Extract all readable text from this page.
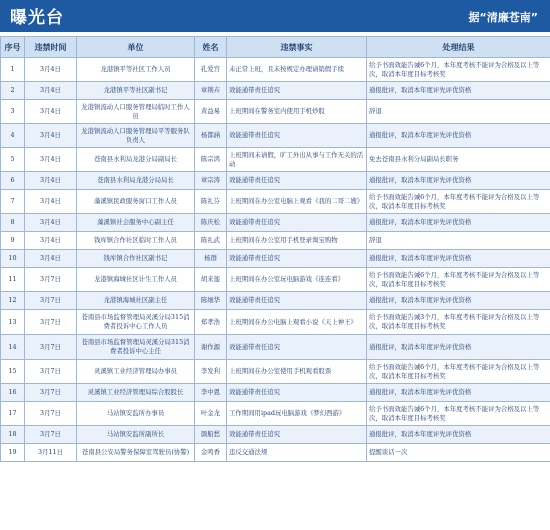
曝光台	据“清廉苍南”
序号	违禁时间	单位	姓名	违禁事实	处理结果
1	3月4日	龙港镇平等社区工作人员	孔爱宫	未正常上班，且未按规定办理请销假手续	给予书面效能告诫6个月，本年度考核不能评为合格及以上等次，取消本年度目标考核奖
2	3月4日	龙港镇平等社区副书记	章荆卉	效能通带责任追究	通报批评，取消本年度评先评优资格
3	3月4日	龙港镇流动人口服务管理局临时工作人员	黄益易	上班期间在警务室内使用手机炒股	辞退
4	3月4日	龙港镇流动人口服务管理局平等服务队负责人	杨都涵	效能通带责任追究	通报批评，取消本年度评先评优资格
5	3月4日	苍南县水利局龙港分局副局长	陈宗鸿	上班期间未请假，旷工外出从事与工作无关的活动	免去苍南县水利分局副局长职务
6	3月4日	苍南县水利局龙港分局局长	章宗涛	效能通带责任追究	通报批评，取消本年度评先评优资格
7	3月4日	藻溪镇民政服务窗口工作人员	陈礼芬	上班期间在办公室电脑上观看《我的二哥二嫂》	给予书面效能告诫6个月，本年度考核不能评为合格及以上等次，取消本年度目标考核奖
8	3月4日	藻溪镇社会服务中心副主任	陈庆松	效能通带责任追究	通报批评，取消本年度评先评优资格
9	3月4日	钱库镇合作社区临时工作人员	陈礼武	上班期间在办公室用手机登录淘宝购物	辞退
10	3月4日	钱库镇合作社区副书记	杨群	效能通带责任追究	通报批评，取消本年度评先评优资格
11	3月7日	龙港镇海城社区计生工作人员	胡来莲	上班期间在办公室玩电脑游戏《连连看》	给予书面效能告诫6个月，本年度考核不能评为合格及以上等次，取消本年度目标考核奖
12	3月7日	龙港镇海城社区副主任	陈细华	效能通带责任追究	通报批评，取消本年度评先评优资格
13	3月7日	苍南县市场监督管理局灵溪分局315消费者投诉中心工作人员	郑孝浩	上班期间在办公电脑上观看小说《天上神王》	给予书面效能告诫3个月，本年度考核不能评为合格及以上等次，取消本年度目标考核奖
14	3月7日	苍南县市场监督管理局灵溪分局315消费者投诉中心主任	谢作源	效能通带责任追究	通报批评，取消本年度评先评优资格
15	3月7日	灵溪镇工业经济管理局办事员	李发利	上班期间在办公室使用手机观看股票	给予书面效能告诫6个月，本年度考核不能评为合格及以上等次，取消本年度目标考核奖
16	3月7日	灵溪镇工业经济管理局综合股股长	李中恩	效能通带责任追究	通报批评，取消本年度评先评优资格
17	3月7日	马站镇安监所办事员	叶金龙	工作期间用ipad玩电脑游戏《梦幻西游》	给予书面效能告诫6个月，本年度考核不能评为合格及以上等次，取消本年度目标考核奖
18	3月7日	马站镇安监所副所长	颜船愁	效能通带责任追究	通报批评，取消本年度评先评优资格
19	3月11日	苍南县公安局警务保障室驾驶员(协警)	金鸣香	违反交通法规	提醒谈话一次
